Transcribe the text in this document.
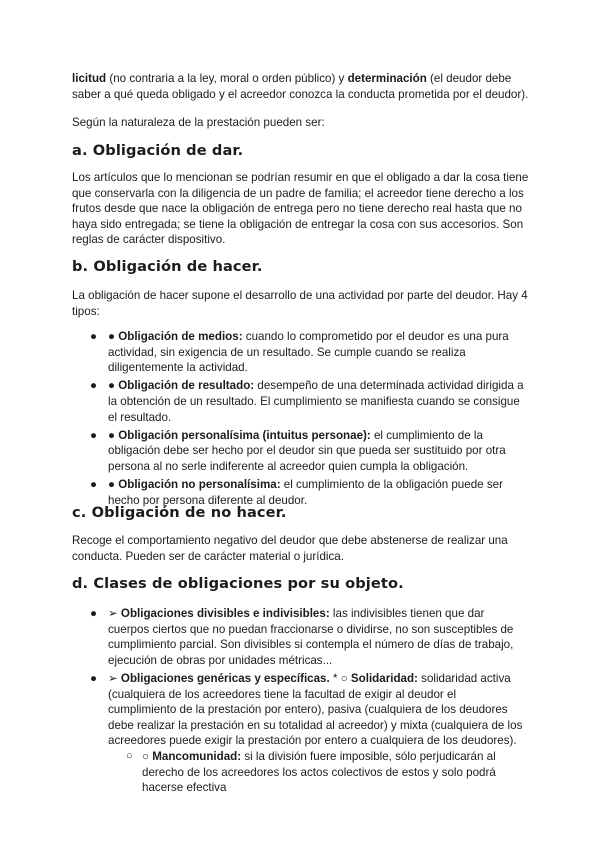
licitud (no contraria a la ley, moral o orden público) y determinación (el deudor debe saber a qué queda obligado y el acreedor conozca la conducta prometida por el deudor).

Según la naturaleza de la prestación pueden ser:

a. Obligación de dar.

Los artículos que lo mencionan se podrían resumir en que el obligado a dar la cosa tiene que conservarla con la diligencia de un padre de familia; el acreedor tiene derecho a los frutos desde que nace la obligación de entrega pero no tiene derecho real hasta que no haya sido entregada; se tiene la obligación de entregar la cosa con sus accesorios. Son reglas de carácter dispositivo.

b. Obligación de hacer.

La obligación de hacer supone el desarrollo de una actividad por parte del deudor. Hay 4 tipos:

● ● Obligación de medios: cuando lo comprometido por el deudor es una pura actividad, sin exigencia de un resultado. Se cumple cuando se realiza diligentemente la actividad.
● ● Obligación de resultado: desempeño de una determinada actividad dirigida a la obtención de un resultado. El cumplimiento se manifiesta cuando se consigue el resultado.
● ● Obligación personalísima (intuitus personae): el cumplimiento de la obligación debe ser hecho por el deudor sin que pueda ser sustituido por otra persona al no serle indiferente al acreedor quien cumpla la obligación.
● ● Obligación no personalísima: el cumplimiento de la obligación puede ser hecho por persona diferente al deudor.
c. Obligación de no hacer.

Recoge el comportamiento negativo del deudor que debe abstenerse de realizar una conducta. Pueden ser de carácter material o jurídica.

d. Clases de obligaciones por su objeto.
● ➢ Obligaciones divisibles e indivisibles: las indivisibles tienen que dar cuerpos ciertos que no puedan fraccionarse o dividirse, no son susceptibles de cumplimiento parcial. Son divisibles si contempla el número de días de trabajo, ejecución de obras por unidades métricas...
● ➢ Obligaciones genéricas y específicas. * ○ Solidaridad: solidaridad activa (cualquiera de los acreedores tiene la facultad de exigir al deudor el cumplimiento de la prestación por entero), pasiva (cualquiera de los deudores debe realizar la prestación en su totalidad al acreedor) y mixta (cualquiera de los acreedores puede exigir la prestación por entero a cualquiera de los deudores).
○ ○ Mancomunidad: si la división fuere imposible, sólo perjudicarán al derecho de los acreedores los actos colectivos de estos y solo podrá hacerse efectiva
